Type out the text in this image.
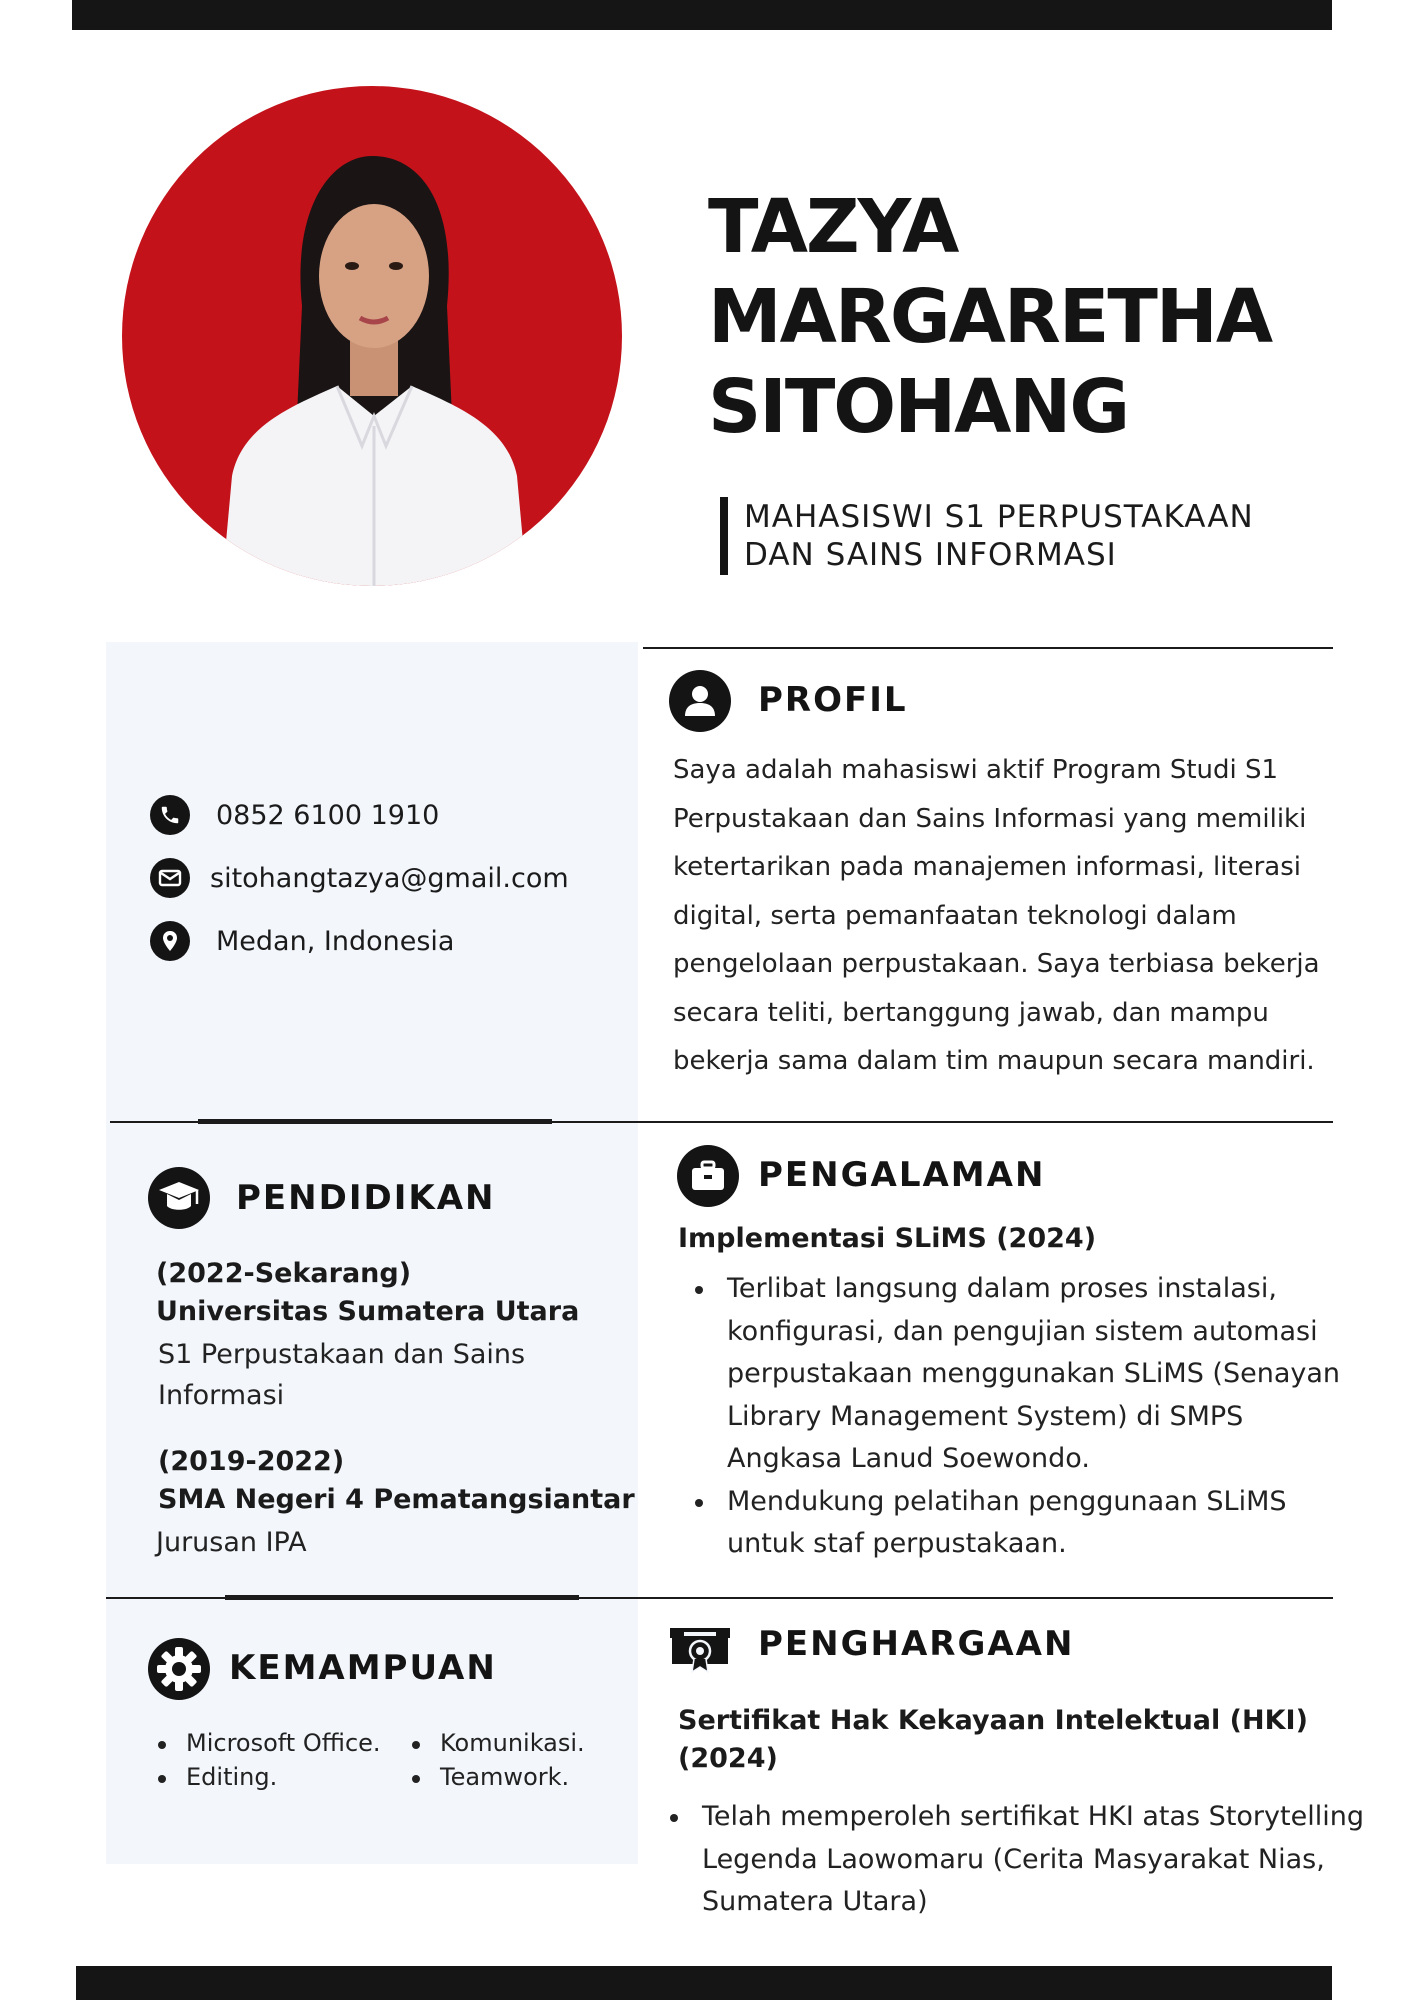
TAZYA
MARGARETHA
SITOHANG
MAHASISWI S1 PERPUSTAKAAN
DAN SAINS INFORMASI
0852 6100 1910
sitohangtazya@gmail.com
Medan, Indonesia
PROFIL
Saya adalah mahasiswi aktif Program Studi S1
Perpustakaan dan Sains Informasi yang memiliki
ketertarikan pada manajemen informasi, literasi
digital, serta pemanfaatan teknologi dalam
pengelolaan perpustakaan. Saya terbiasa bekerja
secara teliti, bertanggung jawab, dan mampu
bekerja sama dalam tim maupun secara mandiri.
PENDIDIKAN
(2022-Sekarang)
Universitas Sumatera Utara
S1 Perpustakaan dan Sains
Informasi
(2019-2022)
SMA Negeri 4 Pematangsiantar
Jurusan IPA
PENGALAMAN
Implementasi SLiMS (2024)
Terlibat langsung dalam proses instalasi,
konfigurasi, dan pengujian sistem automasi
perpustakaan menggunakan SLiMS (Senayan
Library Management System) di SMPS
Angkasa Lanud Soewondo.
Mendukung pelatihan penggunaan SLiMS
untuk staf perpustakaan.
KEMAMPUAN
Microsoft Office.	Komunikasi.
Editing.	Teamwork.
PENGHARGAAN
Sertifikat Hak Kekayaan Intelektual (HKI)
(2024)
Telah memperoleh sertifikat HKI atas Storytelling
Legenda Laowomaru (Cerita Masyarakat Nias,
Sumatera Utara)
